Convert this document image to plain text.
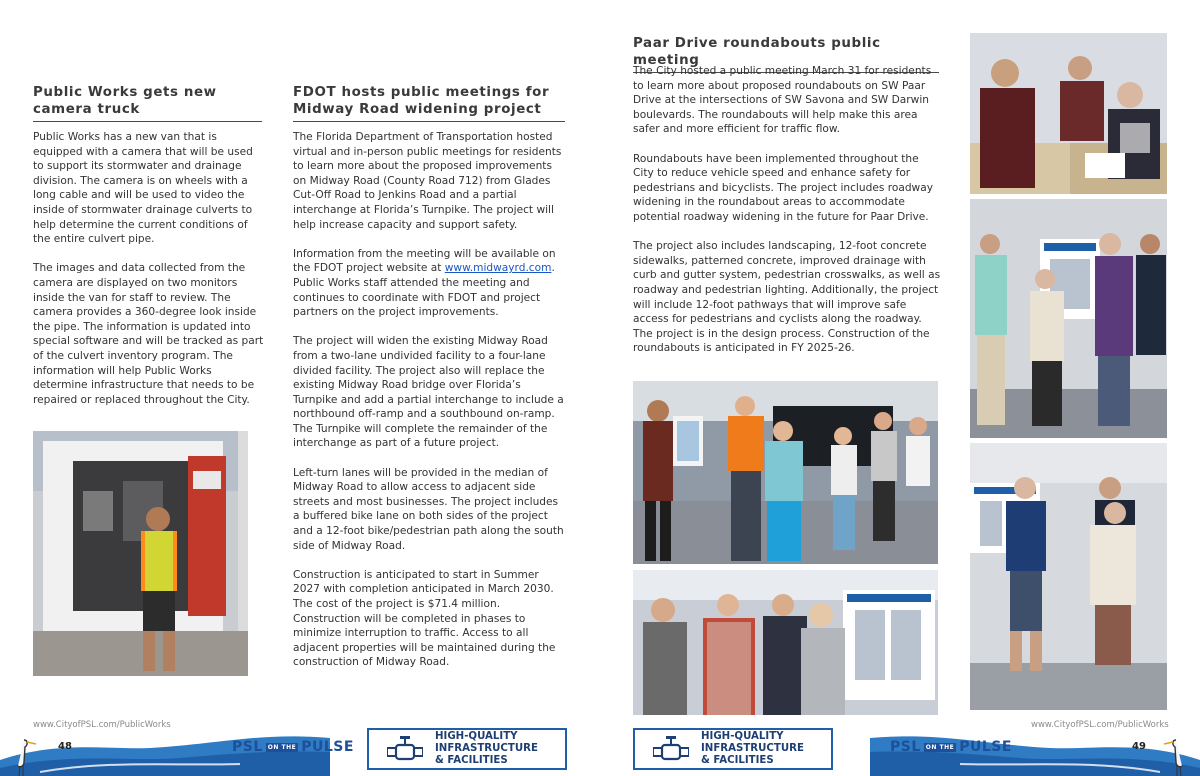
Public Works gets new
camera truck

Public Works has a new van that is equipped with a camera that will be used to support its stormwater and drainage division. The camera is on wheels with a long cable and will be used to video the inside of stormwater drainage culverts to help determine the current conditions of the entire culvert pipe.

The images and data collected from the camera are displayed on two monitors inside the van for staff to review. The camera provides a 360-degree look inside the pipe. The information is updated into special software and will be tracked as part of the culvert inventory program. The information will help Public Works determine infrastructure that needs to be repaired or replaced throughout the City.

FDOT hosts public meetings for
Midway Road widening project

The Florida Department of Transportation hosted virtual and in-person public meetings for residents to learn more about the proposed improvements on Midway Road (County Road 712) from Glades Cut-Off Road to Jenkins Road and a partial interchange at Florida’s Turnpike. The project will help increase capacity and support safety.

Information from the meeting will be available on the FDOT project website at www.midwayrd.com. Public Works staff attended the meeting and continues to coordinate with FDOT and project partners on the project improvements.

The project will widen the existing Midway Road from a two-lane undivided facility to a four-lane divided facility. The project also will replace the existing Midway Road bridge over Florida’s Turnpike and add a partial interchange to include a northbound off-ramp and a southbound on-ramp. The Turnpike will complete the remainder of the interchange as part of a future project.

Left-turn lanes will be provided in the median of Midway Road to allow access to adjacent side streets and most businesses. The project includes a buffered bike lane on both sides of the project and a 12-foot bike/pedestrian path along the south side of Midway Road.

Construction is anticipated to start in Summer 2027 with completion anticipated in March 2030. The cost of the project is $71.4 million. Construction will be completed in phases to minimize interruption to traffic. Access to all adjacent properties will be maintained during the construction of Midway Road.

Paar Drive roundabouts public meeting

The City hosted a public meeting March 31 for residents to learn more about proposed roundabouts on SW Paar Drive at the intersections of SW Savona and SW Darwin boulevards. The roundabouts will help make this area safer and more efficient for traffic flow.

Roundabouts have been implemented throughout the City to reduce vehicle speed and enhance safety for pedestrians and bicyclists. The project includes roadway widening in the roundabout areas to accommodate potential roadway widening in the future for Paar Drive.

The project also includes landscaping, 12-foot concrete sidewalks, patterned concrete, improved drainage with curb and gutter system, pedestrian crosswalks, as well as roadway and pedestrian lighting. Additionally, the project will include 12-foot pathways that will improve safe access for pedestrians and cyclists along the roadway. The project is in the design process. Construction of the roundabouts is anticipated in FY 2025-26.

www.CityofPSL.com/PublicWorks
48	PSL ON THE PULSE
HIGH-QUALITY
INFRASTRUCTURE
& FACILITIES
HIGH-QUALITY
INFRASTRUCTURE
& FACILITIES
PSL ON THE PULSE
www.CityofPSL.com/PublicWorks
49
